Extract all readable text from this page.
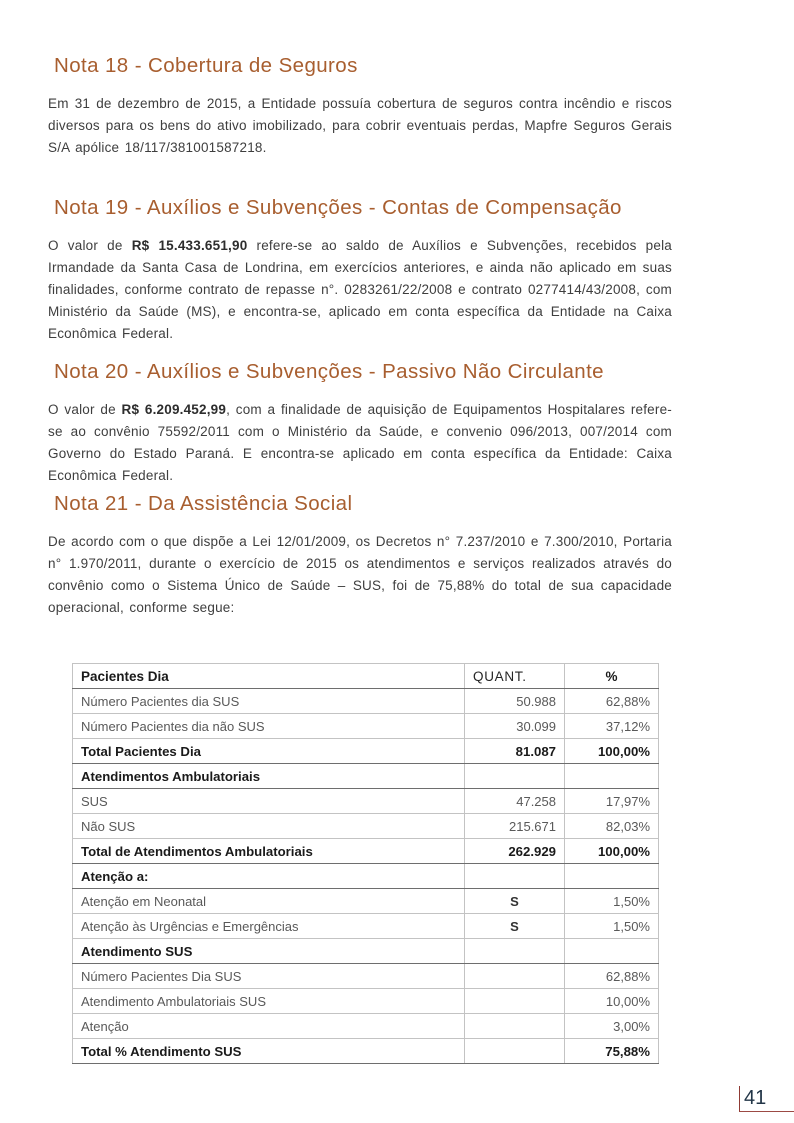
Nota 18 - Cobertura de Seguros

Em 31 de dezembro de 2015, a Entidade possuía cobertura de seguros contra incêndio e riscos diversos para os bens do ativo imobilizado, para cobrir eventuais perdas, Mapfre Seguros Gerais S/A apólice 18/117/381001587218.

Nota 19 - Auxílios e Subvenções - Contas de Compensação

O valor de R$ 15.433.651,90 refere-se ao saldo de Auxílios e Subvenções, recebidos pela Irmandade da Santa Casa de Londrina, em exercícios anteriores, e ainda não aplicado em suas finalidades, conforme contrato de repasse n°. 0283261/22/2008 e contrato 0277414/43/2008, com Ministério da Saúde (MS), e encontra-se, aplicado em conta específica da Entidade na Caixa Econômica Federal.

Nota 20 - Auxílios e Subvenções - Passivo Não Circulante

O valor de R$ 6.209.452,99, com a finalidade de aquisição de Equipamentos Hospitalares refere-se ao convênio 75592/2011 com o Ministério da Saúde, e convenio 096/2013, 007/2014 com Governo do Estado Paraná. E encontra-se aplicado em conta específica da Entidade: Caixa Econômica Federal.

Nota 21 - Da Assistência Social

De acordo com o que dispõe a Lei 12/01/2009, os Decretos n° 7.237/2010 e 7.300/2010, Portaria n° 1.970/2011, durante o exercício de 2015 os atendimentos e serviços realizados através do convênio como o Sistema Único de Saúde – SUS, foi de 75,88% do total de sua capacidade operacional, conforme segue:

Pacientes Dia	QUANT.	%
Número Pacientes dia SUS	50.988	62,88%
Número Pacientes dia não SUS	30.099	37,12%
Total Pacientes Dia	81.087	100,00%
Atendimentos Ambulatoriais		
SUS	47.258	17,97%
Não SUS	215.671	82,03%
Total de Atendimentos Ambulatoriais	262.929	100,00%
Atenção a:		
Atenção em Neonatal	S	1,50%
Atenção às Urgências e Emergências	S	1,50%
Atendimento SUS		
Número Pacientes Dia SUS		62,88%
Atendimento Ambulatoriais SUS		10,00%
Atenção		3,00%
Total % Atendimento SUS		75,88%
41
